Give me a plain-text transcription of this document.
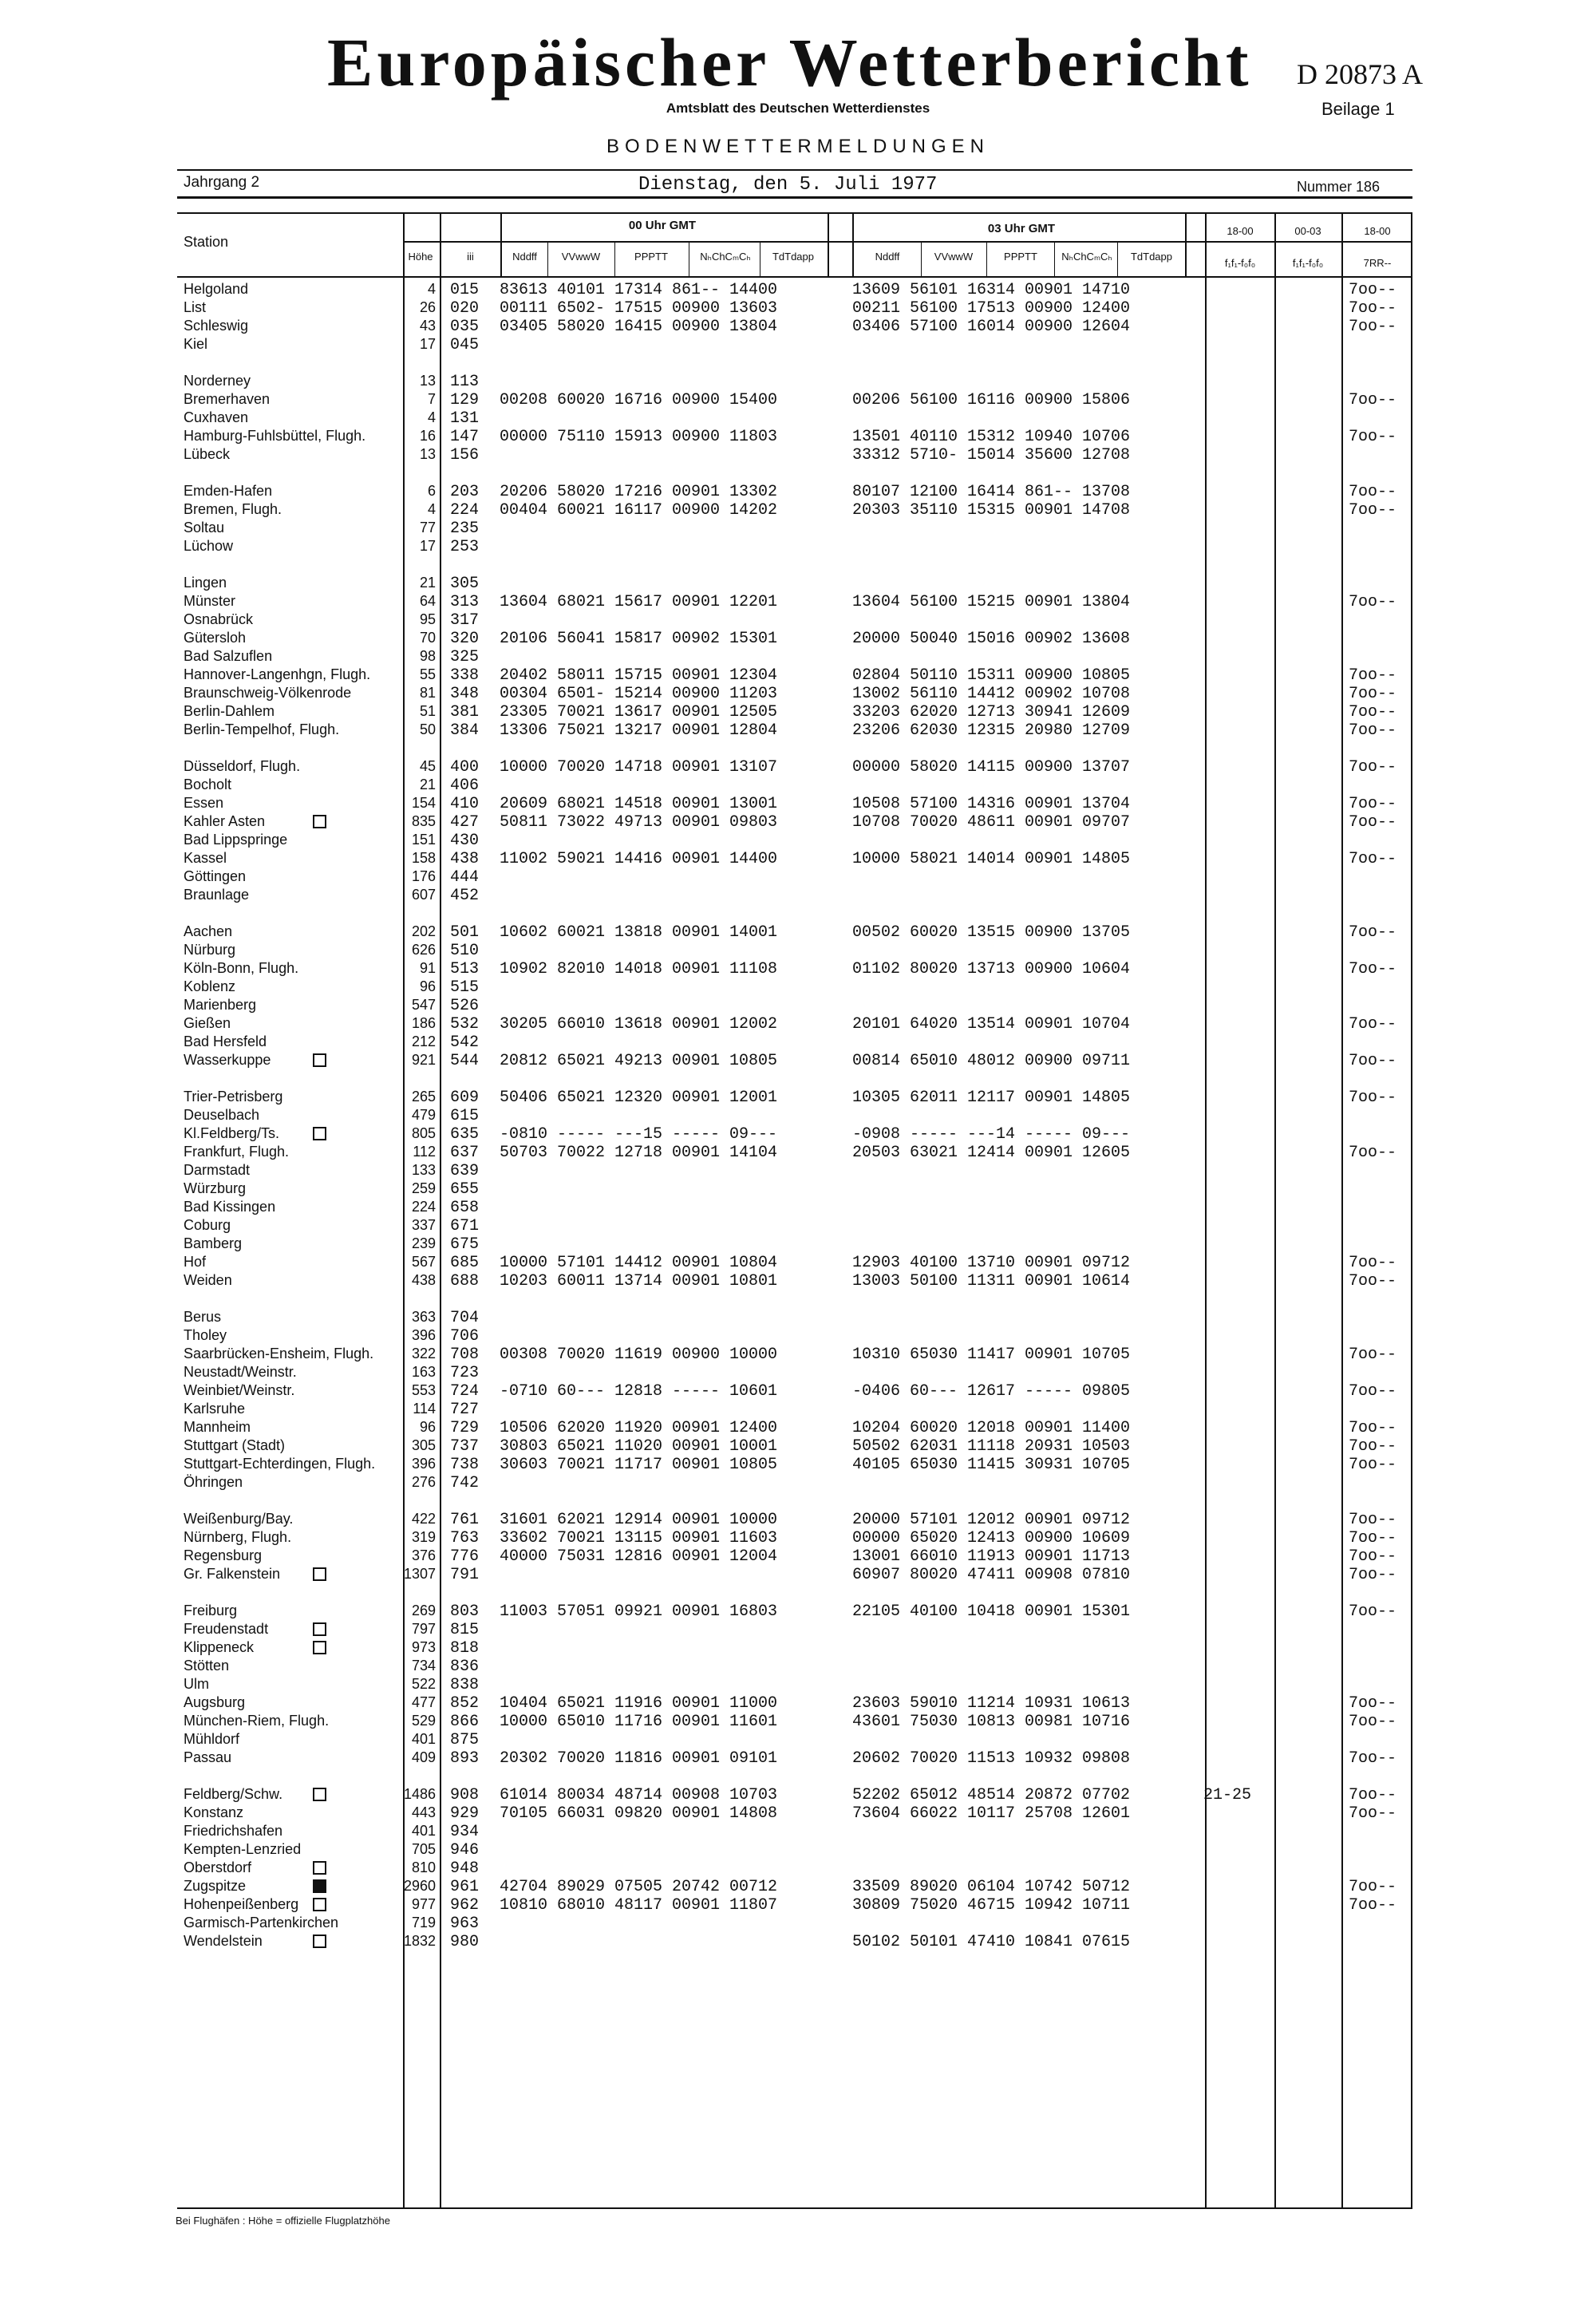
Europäischer Wetterbericht	D 20873 A
Amtsblatt des Deutschen Wetterdienstes	Beilage 1
BODENWETTERMELDUNGEN
Jahrgang 2	Dienstag, den 5. Juli 1977	Nummer 186
Station
00 Uhr GMT	03 Uhr GMT	18-00	00-03	18-00
Höhe	iii	Nddff	VVwwW	PPPTT	NₕChCₘCₕ	TdTdapp	Nddff	VVwwW	PPPTT	NₕChCₘCₕ	TdTdapp
f₁f₁-f₀f₀	f₁f₁-f₀f₀	7RR--
Helgoland	4 015 83613 40101 17314 861-- 14400	13609 56101 16314 00901 14710	7oo--
List	26 020 00111 6502- 17515 00900 13603	00211 56100 17513 00900 12400	7oo--
Schleswig	43 035 03405 58020 16415 00900 13804	03406 57100 16014 00900 12604	7oo--
Kiel	17 045
Norderney	13 113
Bremerhaven	7 129 00208 60020 16716 00900 15400	00206 56100 16116 00900 15806	7oo--
Cuxhaven	4 131
Hamburg-Fuhlsbüttel, Flugh.	16 147 00000 75110 15913 00900 11803	13501 40110 15312 10940 10706	7oo--
Lübeck	13 156	33312 5710- 15014 35600 12708
Emden-Hafen	6 203 20206 58020 17216 00901 13302	80107 12100 16414 861-- 13708	7oo--
Bremen, Flugh.	4 224 00404 60021 16117 00900 14202	20303 35110 15315 00901 14708	7oo--
Soltau	77 235
Lüchow	17 253
Lingen	21 305
Münster	64 313 13604 68021 15617 00901 12201	13604 56100 15215 00901 13804	7oo--
Osnabrück	95 317
Gütersloh	70 320 20106 56041 15817 00902 15301	20000 50040 15016 00902 13608
Bad Salzuflen	98 325
Hannover-Langenhgn, Flugh.	55 338 20402 58011 15715 00901 12304	02804 50110 15311 00900 10805	7oo--
Braunschweig-Völkenrode	81 348 00304 6501- 15214 00900 11203	13002 56110 14412 00902 10708	7oo--
Berlin-Dahlem	51 381 23305 70021 13617 00901 12505	33203 62020 12713 30941 12609	7oo--
Berlin-Tempelhof, Flugh.	50 384 13306 75021 13217 00901 12804	23206 62030 12315 20980 12709	7oo--
Düsseldorf, Flugh.	45 400 10000 70020 14718 00901 13107	00000 58020 14115 00900 13707	7oo--
Bocholt	21 406
Essen	154 410 20609 68021 14518 00901 13001	10508 57100 14316 00901 13704	7oo--
Kahler Asten	835 427 50811 73022 49713 00901 09803	10708 70020 48611 00901 09707	7oo--
Bad Lippspringe	151 430
Kassel	158 438 11002 59021 14416 00901 14400	10000 58021 14014 00901 14805	7oo--
Göttingen	176 444
Braunlage	607 452
Aachen	202 501 10602 60021 13818 00901 14001	00502 60020 13515 00900 13705	7oo--
Nürburg	626 510
Köln-Bonn, Flugh.	91 513 10902 82010 14018 00901 11108	01102 80020 13713 00900 10604	7oo--
Koblenz	96 515
Marienberg	547 526
Gießen	186 532 30205 66010 13618 00901 12002	20101 64020 13514 00901 10704	7oo--
Bad Hersfeld	212 542
Wasserkuppe	921 544 20812 65021 49213 00901 10805	00814 65010 48012 00900 09711	7oo--
Trier-Petrisberg	265 609 50406 65021 12320 00901 12001	10305 62011 12117 00901 14805	7oo--
Deuselbach	479 615
Kl.Feldberg/Ts.	805 635 -0810 ----- ---15 ----- 09---	-0908 ----- ---14 ----- 09---
Frankfurt, Flugh.	112 637 50703 70022 12718 00901 14104	20503 63021 12414 00901 12605	7oo--
Darmstadt	133 639
Würzburg	259 655
Bad Kissingen	224 658
Coburg	337 671
Bamberg	239 675
Hof	567 685 10000 57101 14412 00901 10804	12903 40100 13710 00901 09712	7oo--
Weiden	438 688 10203 60011 13714 00901 10801	13003 50100 11311 00901 10614	7oo--
Berus	363 704
Tholey	396 706
Saarbrücken-Ensheim, Flugh.	322 708 00308 70020 11619 00900 10000	10310 65030 11417 00901 10705	7oo--
Neustadt/Weinstr.	163 723
Weinbiet/Weinstr.	553 724 -0710 60--- 12818 ----- 10601	-0406 60--- 12617 ----- 09805	7oo--
Karlsruhe	114 727
Mannheim	96 729 10506 62020 11920 00901 12400	10204 60020 12018 00901 11400	7oo--
Stuttgart (Stadt)	305 737 30803 65021 11020 00901 10001	50502 62031 11118 20931 10503	7oo--
Stuttgart-Echterdingen, Flugh.	396 738 30603 70021 11717 00901 10805	40105 65030 11415 30931 10705	7oo--
Öhringen	276 742
Weißenburg/Bay.	422 761 31601 62021 12914 00901 10000	20000 57101 12012 00901 09712	7oo--
Nürnberg, Flugh.	319 763 33602 70021 13115 00901 11603	00000 65020 12413 00900 10609	7oo--
Regensburg	376 776 40000 75031 12816 00901 12004	13001 66010 11913 00901 11713	7oo--
Gr. Falkenstein	1307 791	60907 80020 47411 00908 07810	7oo--
Freiburg	269 803 11003 57051 09921 00901 16803	22105 40100 10418 00901 15301	7oo--
Freudenstadt	797 815
Klippeneck	973 818
Stötten	734 836
Ulm	522 838
Augsburg	477 852 10404 65021 11916 00901 11000	23603 59010 11214 10931 10613	7oo--
München-Riem, Flugh.	529 866 10000 65010 11716 00901 11601	43601 75030 10813 00981 10716	7oo--
Mühldorf	401 875
Passau	409 893 20302 70020 11816 00901 09101	20602 70020 11513 10932 09808	7oo--
Feldberg/Schw.	1486 908 61014 80034 48714 00908 10703	52202 65012 48514 20872 07702	21-25	7oo--
Konstanz	443 929 70105 66031 09820 00901 14808	73604 66022 10117 25708 12601	7oo--
Friedrichshafen	401 934
Kempten-Lenzried	705 946
Oberstdorf	810 948
Zugspitze	2960 961 42704 89029 07505 20742 00712	33509 89020 06104 10742 50712	7oo--
Hohenpeißenberg	977 962 10810 68010 48117 00901 11807	30809 75020 46715 10942 10711	7oo--
Garmisch-Partenkirchen	719 963
Wendelstein	1832 980	50102 50101 47410 10841 07615
Bei Flughäfen : Höhe = offizielle Flugplatzhöhe
